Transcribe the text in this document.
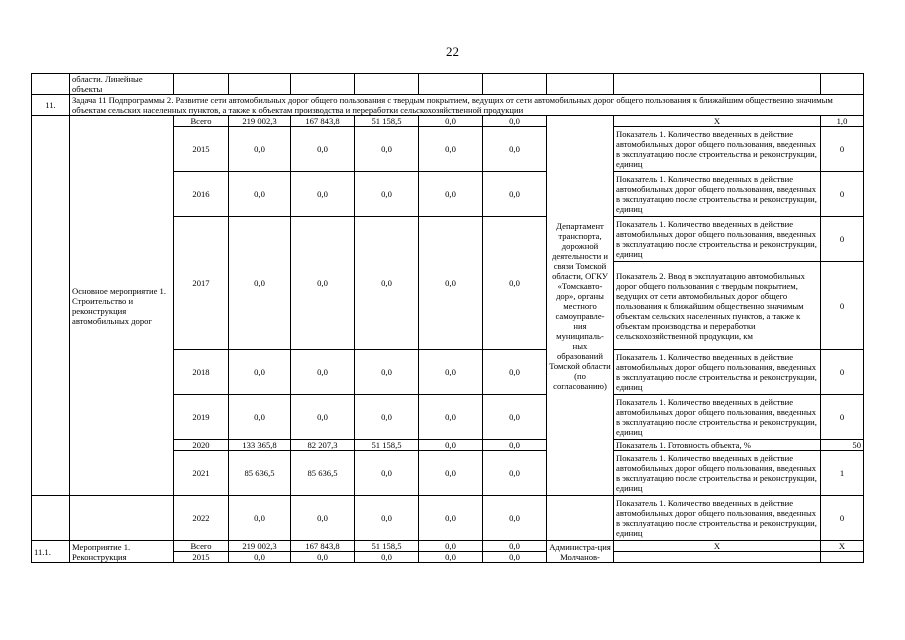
22
	области. Линейные объекты									
11.	Задача 11 Подпрограммы 2. Развитие сети автомобильных дорог общего пользования с твердым покрытием, ведущих от сети автомобильных дорог общего пользования к ближайшим общественно значимым объектам сельских населенных пунктов, а также к объектам производства и переработки сельскохозяйственной продукции									
	Основное мероприятие 1. Строительство и реконструкция автомобильных дорог	Всего	219 002,3	167 843,8	51 158,5	0,0	0,0	Департамент транспорта, дорожной деятельности и связи Томской области, ОГКУ «Томскавто-дор», органы местного самоуправле-ния муниципаль-ных образований Томской области (по согласованию)	Х	1,0
		2015	0,0	0,0	0,0	0,0	0,0		Показатель 1. Количество введенных в действие автомобильных дорог общего пользования, введенных в эксплуатацию после строительства и реконструкции, единиц	0
		2016	0,0	0,0	0,0	0,0	0,0		Показатель 1. Количество введенных в действие автомобильных дорог общего пользования, введенных в эксплуатацию после строительства и реконструкции, единиц	0
		2017	0,0	0,0	0,0	0,0	0,0		Показатель 1. Количество введенных в действие автомобильных дорог общего пользования, введенных в эксплуатацию после строительства и реконструкции, единиц	0
									Показатель 2. Ввод в эксплуатацию автомобильных дорог общего пользования с твердым покрытием, ведущих от сети автомобильных дорог общего пользования к ближайшим общественно значимым объектам сельских населенных пунктов, а также к объектам производства и переработки сельскохозяйственной продукции, км	0
		2018	0,0	0,0	0,0	0,0	0,0		Показатель 1. Количество введенных в действие автомобильных дорог общего пользования, введенных в эксплуатацию после строительства и реконструкции, единиц	0
		2019	0,0	0,0	0,0	0,0	0,0		Показатель 1. Количество введенных в действие автомобильных дорог общего пользования, введенных в эксплуатацию после строительства и реконструкции, единиц	0
		2020	133 365,8	82 207,3	51 158,5	0,0	0,0		Показатель 1. Готовность объекта, %	50
		2021	85 636,5	85 636,5	0,0	0,0	0,0		Показатель 1. Количество введенных в действие автомобильных дорог общего пользования, введенных в эксплуатацию после строительства и реконструкции, единиц	1
		2022	0,0	0,0	0,0	0,0	0,0		Показатель 1. Количество введенных в действие автомобильных дорог общего пользования, введенных в эксплуатацию после строительства и реконструкции, единиц	0
11.1.	Мероприятие 1. Реконструкция	Всего	219 002,3	167 843,8	51 158,5	0,0	0,0	Администра-ция Молчанов-	Х	Х
		2015	0,0	0,0	0,0	0,0	0,0			
